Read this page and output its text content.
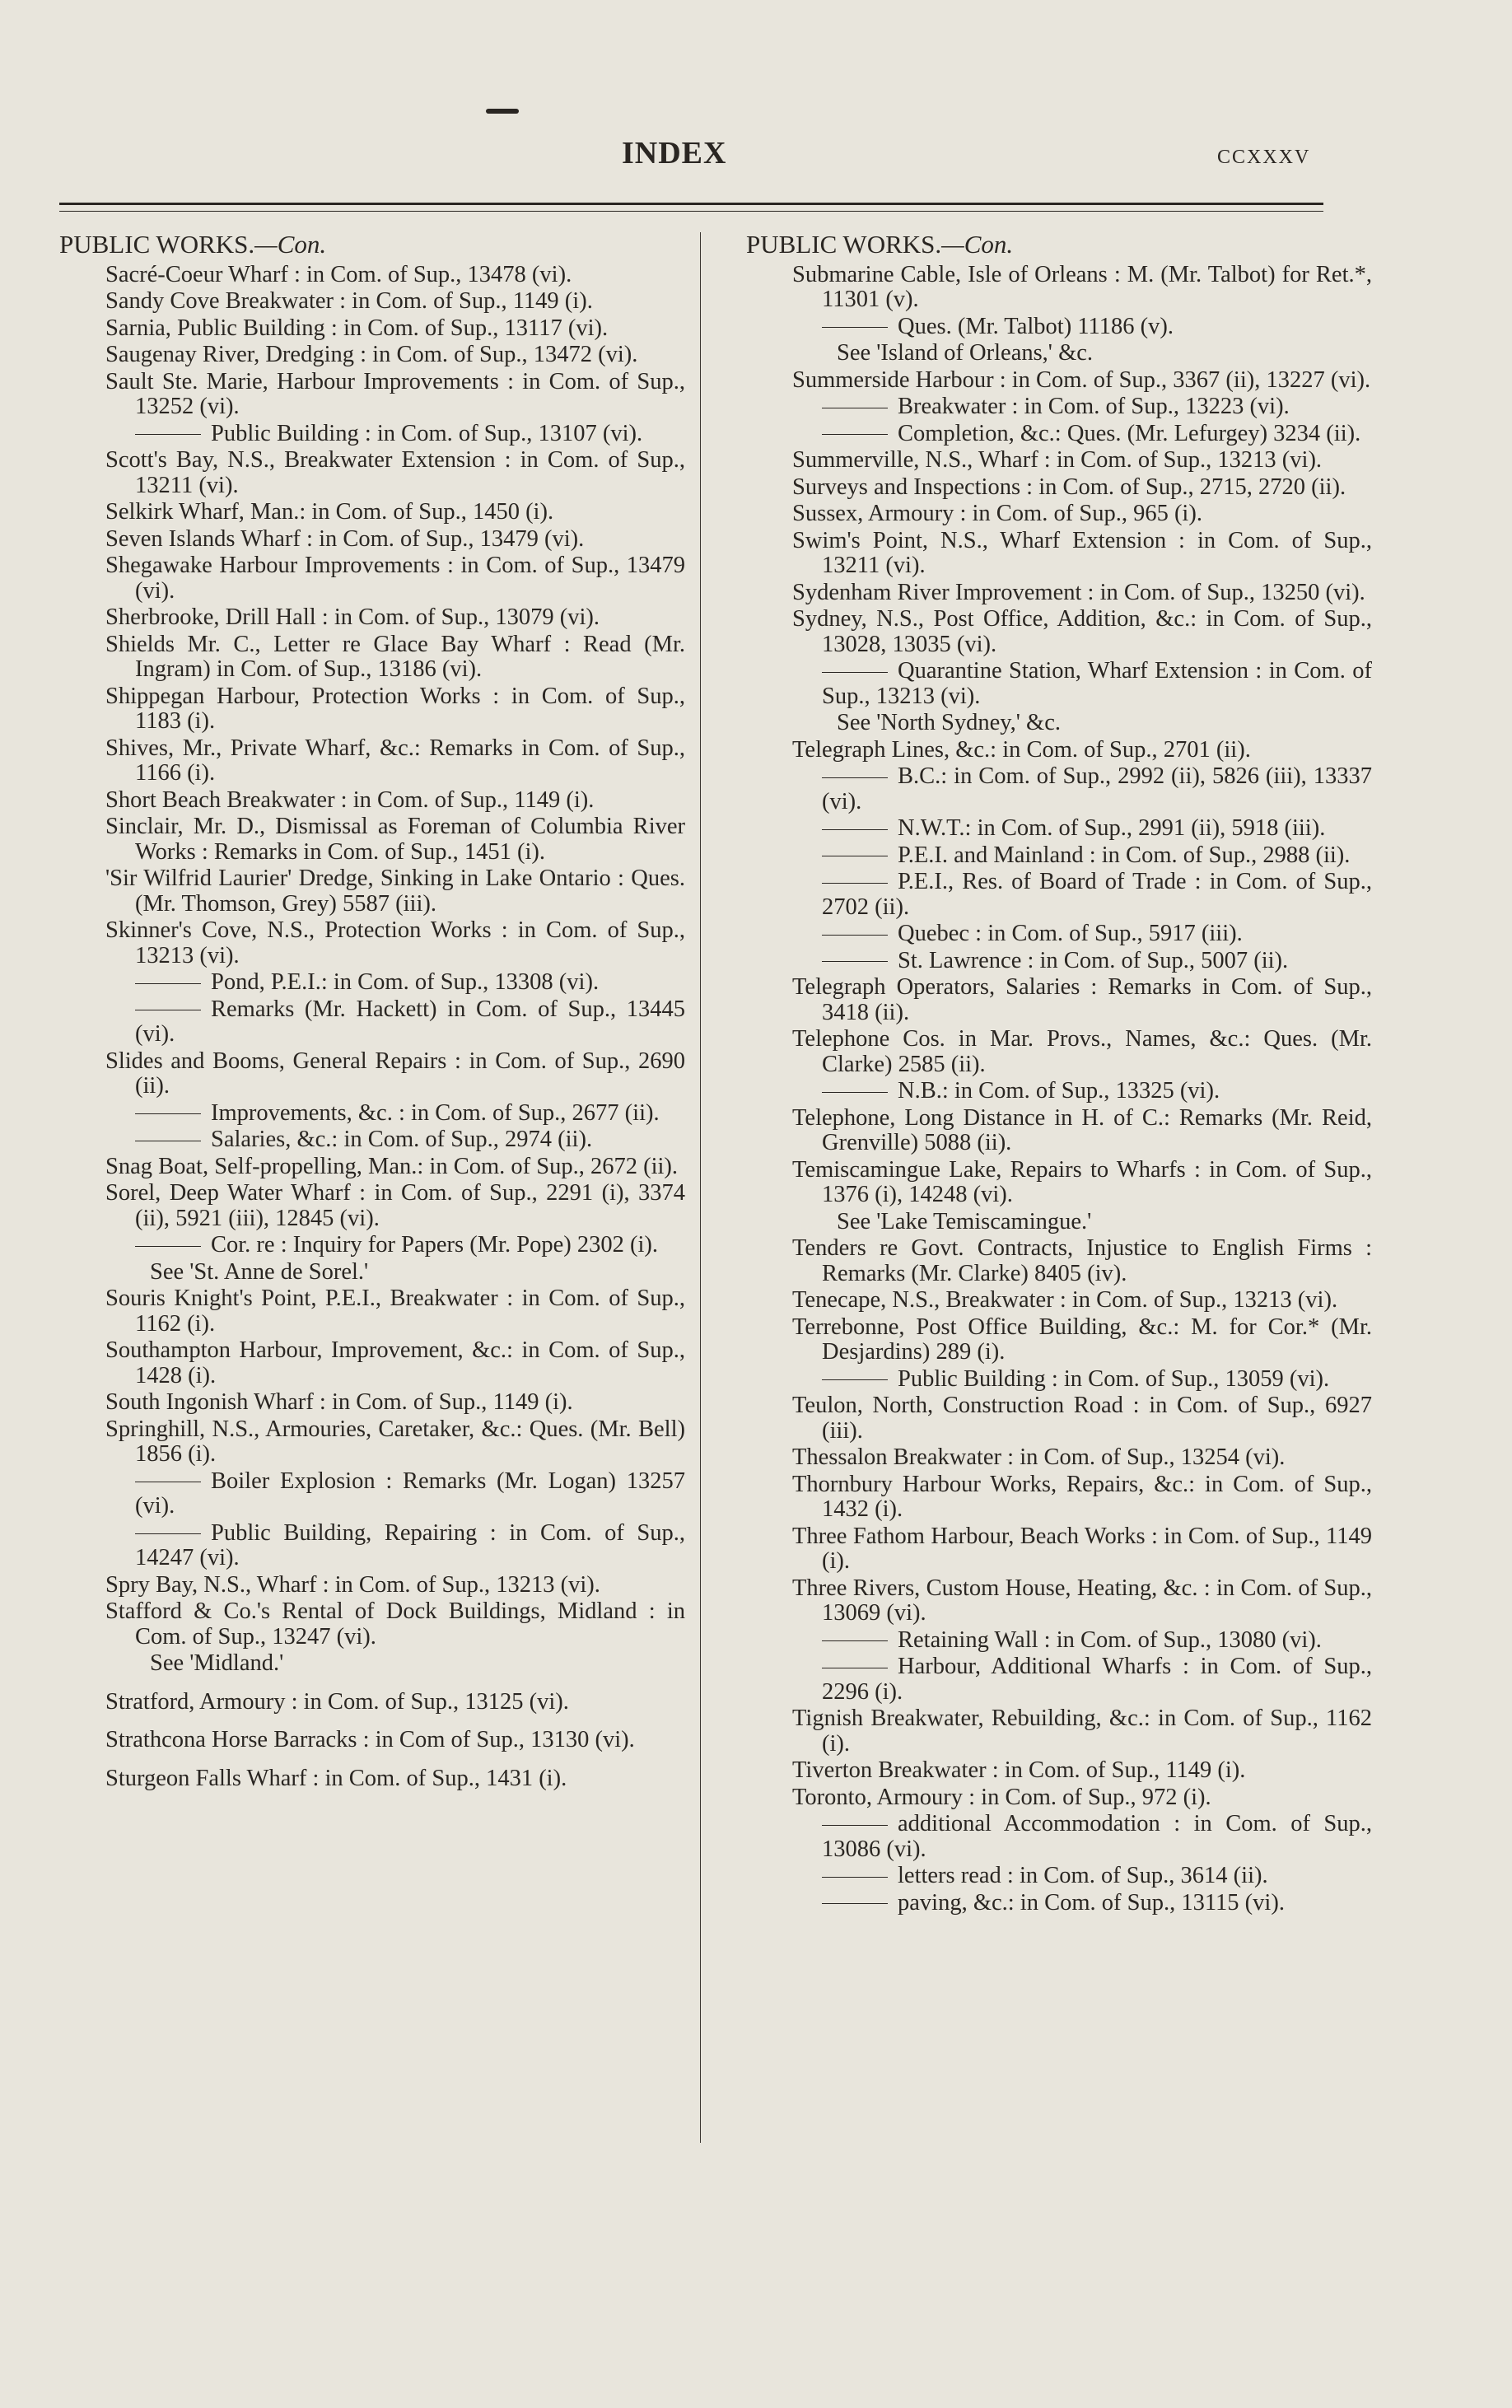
INDEX	CCXXXV
PUBLIC WORKS.—Con.
Sacré-Coeur Wharf : in Com. of Sup., 13478 (vi).
Sandy Cove Breakwater : in Com. of Sup., 1149 (i).
Sarnia, Public Building : in Com. of Sup., 13117 (vi).
Saugenay River, Dredging : in Com. of Sup., 13472 (vi).
Sault Ste. Marie, Harbour Improvements : in Com. of Sup., 13252 (vi).
Public Building : in Com. of Sup., 13107 (vi).
Scott's Bay, N.S., Breakwater Extension : in Com. of Sup., 13211 (vi).
Selkirk Wharf, Man.: in Com. of Sup., 1450 (i).
Seven Islands Wharf : in Com. of Sup., 13479 (vi).
Shegawake Harbour Improvements : in Com. of Sup., 13479 (vi).
Sherbrooke, Drill Hall : in Com. of Sup., 13079 (vi).
Shields Mr. C., Letter re Glace Bay Wharf : Read (Mr. Ingram) in Com. of Sup., 13186 (vi).
Shippegan Harbour, Protection Works : in Com. of Sup., 1183 (i).
Shives, Mr., Private Wharf, &c.: Remarks in Com. of Sup., 1166 (i).
Short Beach Breakwater : in Com. of Sup., 1149 (i).
Sinclair, Mr. D., Dismissal as Foreman of Columbia River Works : Remarks in Com. of Sup., 1451 (i).
'Sir Wilfrid Laurier' Dredge, Sinking in Lake Ontario : Ques. (Mr. Thomson, Grey) 5587 (iii).
Skinner's Cove, N.S., Protection Works : in Com. of Sup., 13213 (vi).
Pond, P.E.I.: in Com. of Sup., 13308 (vi).
Remarks (Mr. Hackett) in Com. of Sup., 13445 (vi).
Slides and Booms, General Repairs : in Com. of Sup., 2690 (ii).
Improvements, &c. : in Com. of Sup., 2677 (ii).
Salaries, &c.: in Com. of Sup., 2974 (ii).
Snag Boat, Self-propelling, Man.: in Com. of Sup., 2672 (ii).
Sorel, Deep Water Wharf : in Com. of Sup., 2291 (i), 3374 (ii), 5921 (iii), 12845 (vi).
Cor. re : Inquiry for Papers (Mr. Pope) 2302 (i).
See 'St. Anne de Sorel.'
Souris Knight's Point, P.E.I., Breakwater : in Com. of Sup., 1162 (i).
Southampton Harbour, Improvement, &c.: in Com. of Sup., 1428 (i).
South Ingonish Wharf : in Com. of Sup., 1149 (i).
Springhill, N.S., Armouries, Caretaker, &c.: Ques. (Mr. Bell) 1856 (i).
Boiler Explosion : Remarks (Mr. Logan) 13257 (vi).
Public Building, Repairing : in Com. of Sup., 14247 (vi).
Spry Bay, N.S., Wharf : in Com. of Sup., 13213 (vi).
Stafford & Co.'s Rental of Dock Buildings, Midland : in Com. of Sup., 13247 (vi).
See 'Midland.'
Stratford, Armoury : in Com. of Sup., 13125 (vi).
Strathcona Horse Barracks : in Com of Sup., 13130 (vi).
Sturgeon Falls Wharf : in Com. of Sup., 1431 (i).
PUBLIC WORKS.—Con.
Submarine Cable, Isle of Orleans : M. (Mr. Talbot) for Ret.*, 11301 (v).
Ques. (Mr. Talbot) 11186 (v).
See 'Island of Orleans,' &c.
Summerside Harbour : in Com. of Sup., 3367 (ii), 13227 (vi).
Breakwater : in Com. of Sup., 13223 (vi).
Completion, &c.: Ques. (Mr. Lefurgey) 3234 (ii).
Summerville, N.S., Wharf : in Com. of Sup., 13213 (vi).
Surveys and Inspections : in Com. of Sup., 2715, 2720 (ii).
Sussex, Armoury : in Com. of Sup., 965 (i).
Swim's Point, N.S., Wharf Extension : in Com. of Sup., 13211 (vi).
Sydenham River Improvement : in Com. of Sup., 13250 (vi).
Sydney, N.S., Post Office, Addition, &c.: in Com. of Sup., 13028, 13035 (vi).
Quarantine Station, Wharf Extension : in Com. of Sup., 13213 (vi).
See 'North Sydney,' &c.
Telegraph Lines, &c.: in Com. of Sup., 2701 (ii).
B.C.: in Com. of Sup., 2992 (ii), 5826 (iii), 13337 (vi).
N.W.T.: in Com. of Sup., 2991 (ii), 5918 (iii).
P.E.I. and Mainland : in Com. of Sup., 2988 (ii).
P.E.I., Res. of Board of Trade : in Com. of Sup., 2702 (ii).
Quebec : in Com. of Sup., 5917 (iii).
St. Lawrence : in Com. of Sup., 5007 (ii).
Telegraph Operators, Salaries : Remarks in Com. of Sup., 3418 (ii).
Telephone Cos. in Mar. Provs., Names, &c.: Ques. (Mr. Clarke) 2585 (ii).
N.B.: in Com. of Sup., 13325 (vi).
Telephone, Long Distance in H. of C.: Remarks (Mr. Reid, Grenville) 5088 (ii).
Temiscamingue Lake, Repairs to Wharfs : in Com. of Sup., 1376 (i), 14248 (vi).
See 'Lake Temiscamingue.'
Tenders re Govt. Contracts, Injustice to English Firms : Remarks (Mr. Clarke) 8405 (iv).
Tenecape, N.S., Breakwater : in Com. of Sup., 13213 (vi).
Terrebonne, Post Office Building, &c.: M. for Cor.* (Mr. Desjardins) 289 (i).
Public Building : in Com. of Sup., 13059 (vi).
Teulon, North, Construction Road : in Com. of Sup., 6927 (iii).
Thessalon Breakwater : in Com. of Sup., 13254 (vi).
Thornbury Harbour Works, Repairs, &c.: in Com. of Sup., 1432 (i).
Three Fathom Harbour, Beach Works : in Com. of Sup., 1149 (i).
Three Rivers, Custom House, Heating, &c. : in Com. of Sup., 13069 (vi).
Retaining Wall : in Com. of Sup., 13080 (vi).
Harbour, Additional Wharfs : in Com. of Sup., 2296 (i).
Tignish Breakwater, Rebuilding, &c.: in Com. of Sup., 1162 (i).
Tiverton Breakwater : in Com. of Sup., 1149 (i).
Toronto, Armoury : in Com. of Sup., 972 (i).
additional Accommodation : in Com. of Sup., 13086 (vi).
letters read : in Com. of Sup., 3614 (ii).
paving, &c.: in Com. of Sup., 13115 (vi).
